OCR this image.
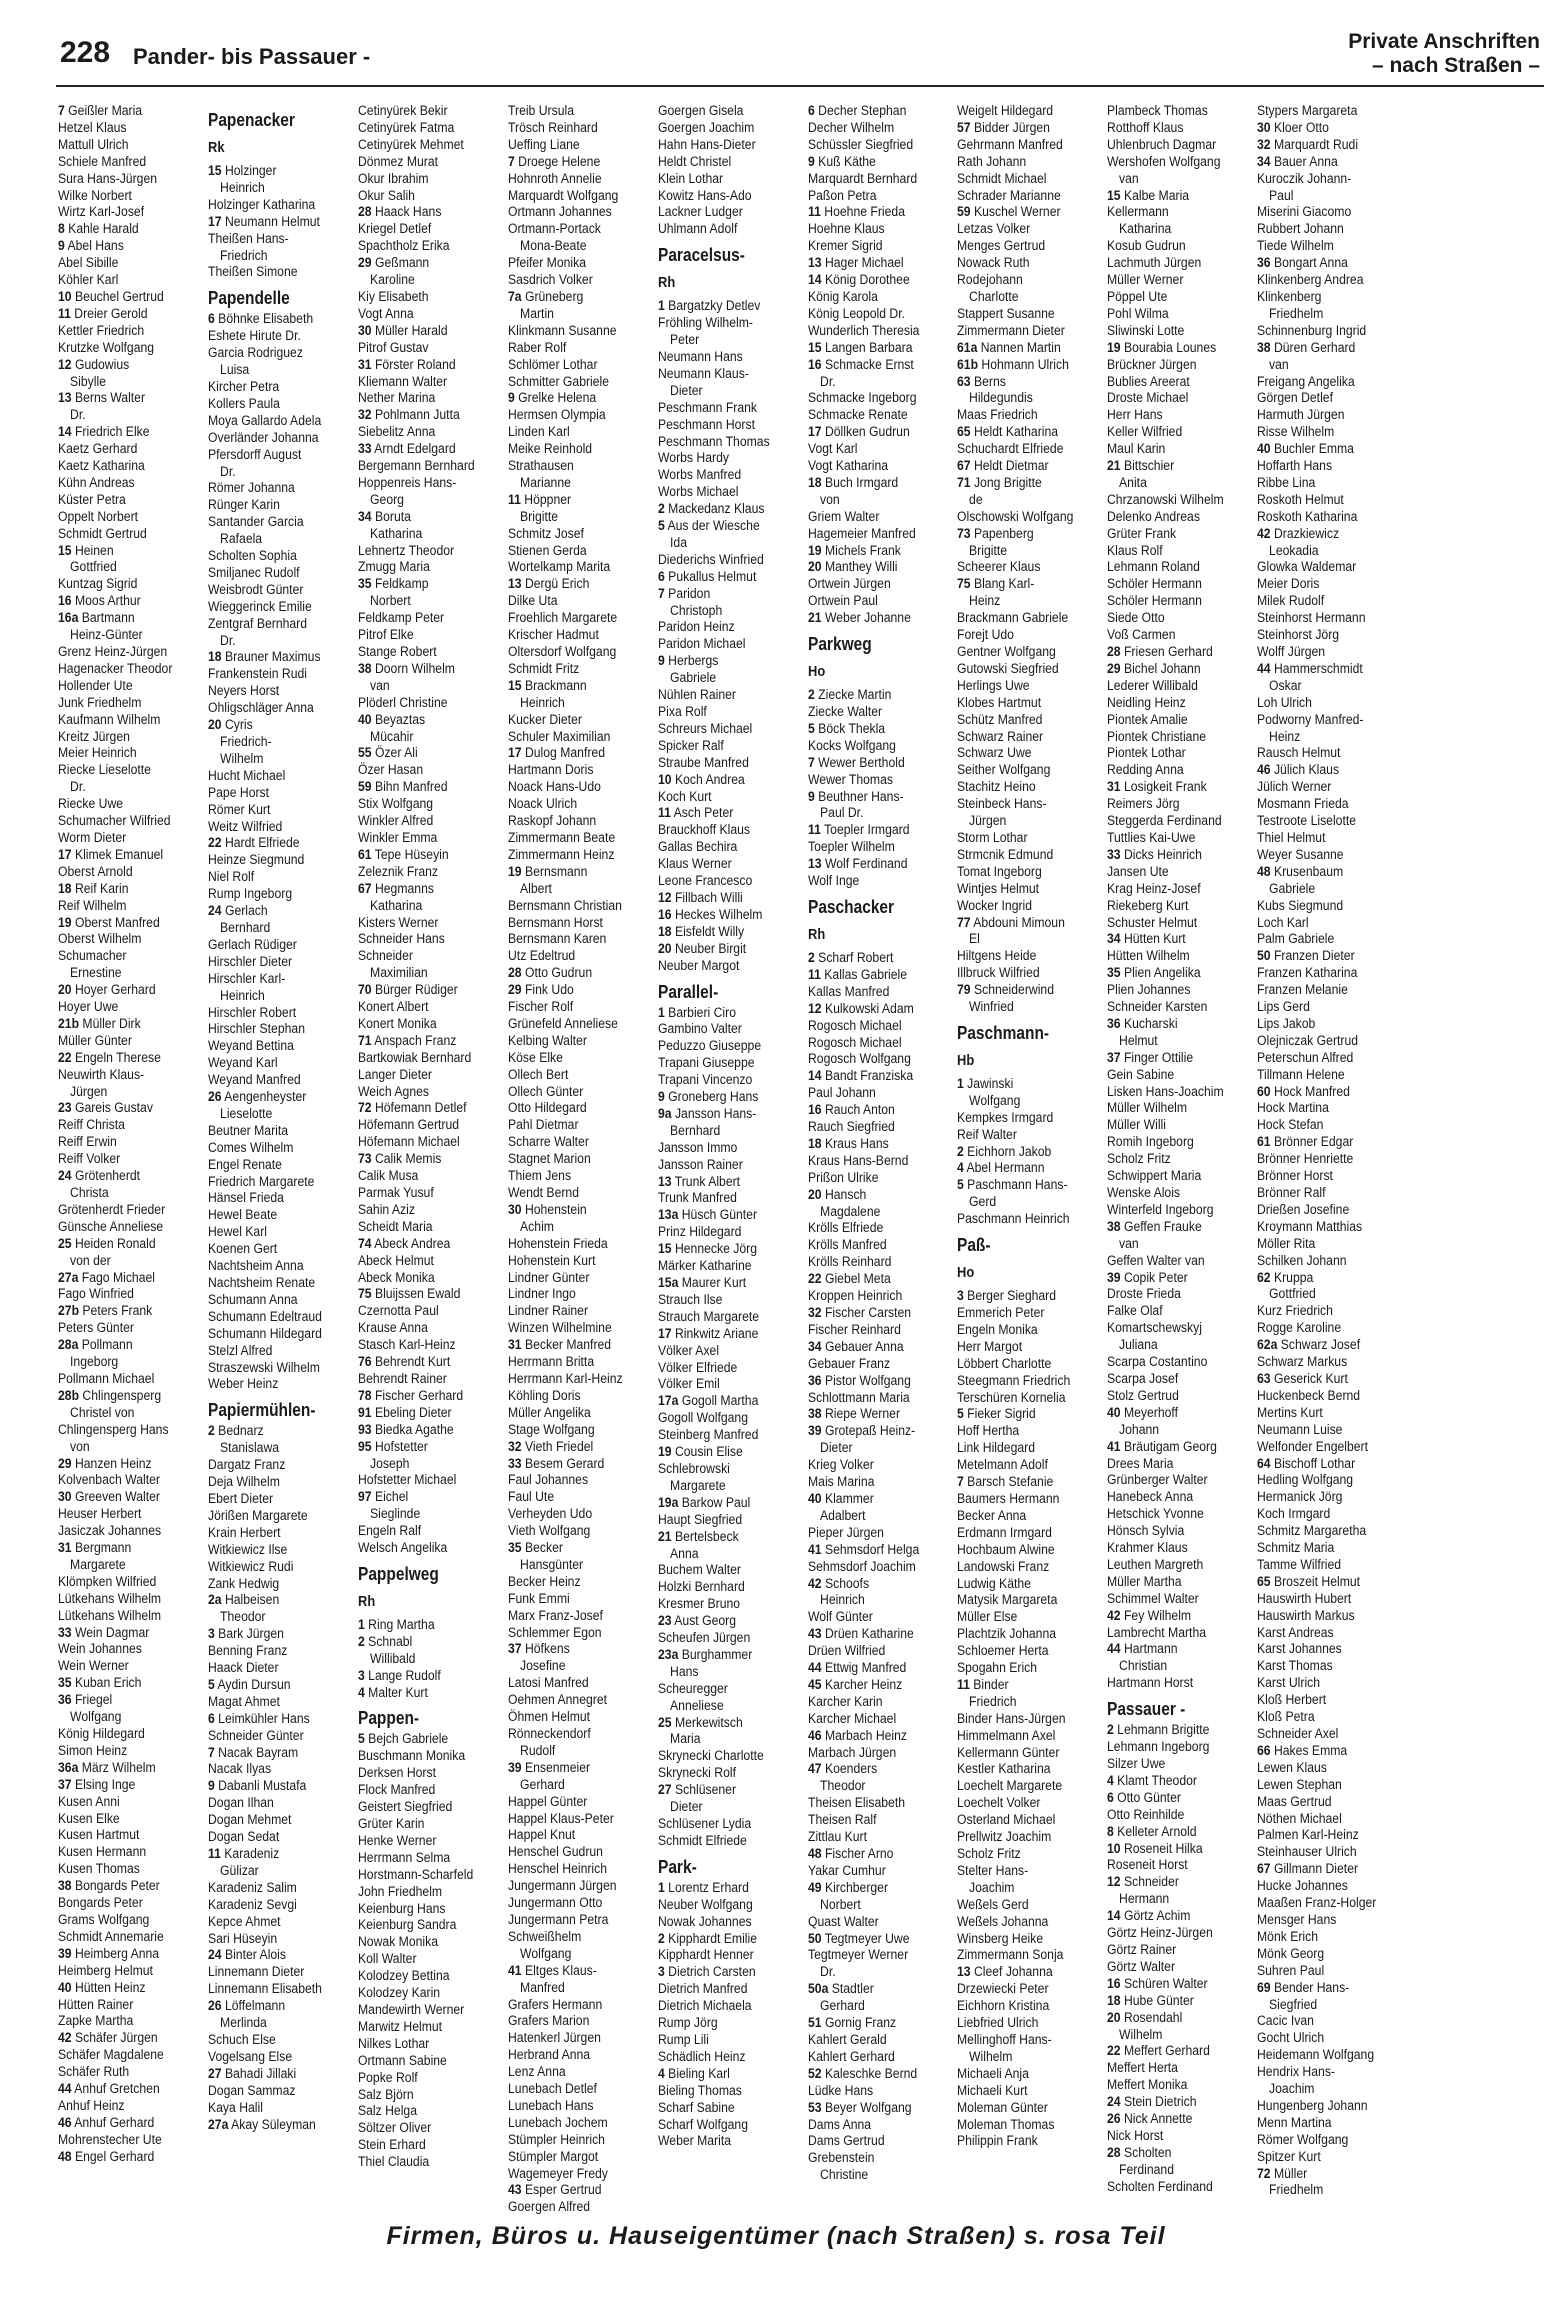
228 Pander- bis Passauer -
Private Anschriften
– nach Straßen –
7 Geißler Maria
Hetzel Klaus
Mattull Ulrich
Schiele Manfred
Sura Hans-Jürgen
Wilke Norbert
Wirtz Karl-Josef
8 Kahle Harald
9 Abel Hans
Abel Sibille
Köhler Karl
10 Beuchel Gertrud
11 Dreier Gerold
Kettler Friedrich
Krutzke Wolfgang
12 Gudowius
Sibylle
13 Berns Walter
Dr.
14 Friedrich Elke
Kaetz Gerhard
Kaetz Katharina
Kühn Andreas
Küster Petra
Oppelt Norbert
Schmidt Gertrud
15 Heinen
Gottfried
Kuntzag Sigrid
16 Moos Arthur
16a Bartmann
Heinz-Günter
Grenz Heinz-Jürgen
Hagenacker Theodor
Hollender Ute
Junk Friedhelm
Kaufmann Wilhelm
Kreitz Jürgen
Meier Heinrich
Riecke Lieselotte
Dr.
Riecke Uwe
Schumacher Wilfried
Worm Dieter
17 Klimek Emanuel
Oberst Arnold
18 Reif Karin
Reif Wilhelm
19 Oberst Manfred
Oberst Wilhelm
Schumacher
Ernestine
20 Hoyer Gerhard
Hoyer Uwe
21b Müller Dirk
Müller Günter
22 Engeln Therese
Neuwirth Klaus-
Jürgen
23 Gareis Gustav
Reiff Christa
Reiff Erwin
Reiff Volker
24 Grötenherdt
Christa
Grötenherdt Frieder
Günsche Anneliese
25 Heiden Ronald
von der
27a Fago Michael
Fago Winfried
27b Peters Frank
Peters Günter
28a Pollmann
Ingeborg
Pollmann Michael
28b Chlingensperg
Christel von
Chlingensperg Hans
von
29 Hanzen Heinz
Kolvenbach Walter
30 Greeven Walter
Heuser Herbert
Jasiczak Johannes
31 Bergmann
Margarete
Klömpken Wilfried
Lütkehans Wilhelm
Lütkehans Wilhelm
33 Wein Dagmar
Wein Johannes
Wein Werner
35 Kuban Erich
36 Friegel
Wolfgang
König Hildegard
Simon Heinz
36a März Wilhelm
37 Elsing Inge
Kusen Anni
Kusen Elke
Kusen Hartmut
Kusen Hermann
Kusen Thomas
38 Bongards Peter
Bongards Peter
Grams Wolfgang
Schmidt Annemarie
39 Heimberg Anna
Heimberg Helmut
40 Hütten Heinz
Hütten Rainer
Zapke Martha
42 Schäfer Jürgen
Schäfer Magdalene
Schäfer Ruth
44 Anhuf Gretchen
Anhuf Heinz
46 Anhuf Gerhard
Mohrenstecher Ute
48 Engel Gerhard
Papenacker
Rk
15 Holzinger
Heinrich
Holzinger Katharina
17 Neumann Helmut
Theißen Hans-
Friedrich
Theißen Simone
Papendelle
6 Böhnke Elisabeth
Eshete Hirute Dr.
Garcia Rodriguez
Luisa
Kircher Petra
Kollers Paula
Moya Gallardo Adela
Overländer Johanna
Pfersdorff August
Dr.
Römer Johanna
Rünger Karin
Santander Garcia
Rafaela
Scholten Sophia
Smiljanec Rudolf
Weisbrodt Günter
Wieggerinck Emilie
Zentgraf Bernhard
Dr.
18 Brauner Maximus
Frankenstein Rudi
Neyers Horst
Ohligschläger Anna
20 Cyris
Friedrich-
Wilhelm
Hucht Michael
Pape Horst
Römer Kurt
Weitz Wilfried
22 Hardt Elfriede
Heinze Siegmund
Niel Rolf
Rump Ingeborg
24 Gerlach
Bernhard
Gerlach Rüdiger
Hirschler Dieter
Hirschler Karl-
Heinrich
Hirschler Robert
Hirschler Stephan
Weyand Bettina
Weyand Karl
Weyand Manfred
26 Aengenheyster
Lieselotte
Beutner Marita
Comes Wilhelm
Engel Renate
Friedrich Margarete
Hänsel Frieda
Hewel Beate
Hewel Karl
Koenen Gert
Nachtsheim Anna
Nachtsheim Renate
Schumann Anna
Schumann Edeltraud
Schumann Hildegard
Stelzl Alfred
Straszewski Wilhelm
Weber Heinz
Papiermühlen-
2 Bednarz
Stanislawa
Dargatz Franz
Deja Wilhelm
Ebert Dieter
Jörißen Margarete
Krain Herbert
Witkiewicz Ilse
Witkiewicz Rudi
Zank Hedwig
2a Halbeisen
Theodor
3 Bark Jürgen
Benning Franz
Haack Dieter
5 Aydin Dursun
Magat Ahmet
6 Leimkühler Hans
Schneider Günter
7 Nacak Bayram
Nacak Ilyas
9 Dabanli Mustafa
Dogan Ilhan
Dogan Mehmet
Dogan Sedat
11 Karadeniz
Gülizar
Karadeniz Salim
Karadeniz Sevgi
Kepce Ahmet
Sari Hüseyin
24 Binter Alois
Linnemann Dieter
Linnemann Elisabeth
26 Löffelmann
Merlinda
Schuch Else
Vogelsang Else
27 Bahadi Jillaki
Dogan Sammaz
Kaya Halil
27a Akay Süleyman
Cetinyürek Bekir
Cetinyürek Fatma
Cetinyürek Mehmet
Dönmez Murat
Okur Ibrahim
Okur Salih
28 Haack Hans
Kriegel Detlef
Spachtholz Erika
29 Geßmann
Karoline
Kiy Elisabeth
Vogt Anna
30 Müller Harald
Pitrof Gustav
31 Förster Roland
Kliemann Walter
Nether Marina
32 Pohlmann Jutta
Siebelitz Anna
33 Arndt Edelgard
Bergemann Bernhard
Hoppenreis Hans-
Georg
34 Boruta
Katharina
Lehnertz Theodor
Zmugg Maria
35 Feldkamp
Norbert
Feldkamp Peter
Pitrof Elke
Stange Robert
38 Doorn Wilhelm
van
Plöderl Christine
40 Beyaztas
Mücahir
55 Özer Ali
Özer Hasan
59 Bihn Manfred
Stix Wolfgang
Winkler Alfred
Winkler Emma
61 Tepe Hüseyin
Zeleznik Franz
67 Hegmanns
Katharina
Kisters Werner
Schneider Hans
Schneider
Maximilian
70 Bürger Rüdiger
Konert Albert
Konert Monika
71 Anspach Franz
Bartkowiak Bernhard
Langer Dieter
Weich Agnes
72 Höfemann Detlef
Höfemann Gertrud
Höfemann Michael
73 Calik Memis
Calik Musa
Parmak Yusuf
Sahin Aziz
Scheidt Maria
74 Abeck Andrea
Abeck Helmut
Abeck Monika
75 Bluijssen Ewald
Czernotta Paul
Krause Anna
Stasch Karl-Heinz
76 Behrendt Kurt
Behrendt Rainer
78 Fischer Gerhard
91 Ebeling Dieter
93 Biedka Agathe
95 Hofstetter
Joseph
Hofstetter Michael
97 Eichel
Sieglinde
Engeln Ralf
Welsch Angelika
Pappelweg
Rh
1 Ring Martha
2 Schnabl
Willibald
3 Lange Rudolf
4 Malter Kurt
Pappen-
5 Bejch Gabriele
Buschmann Monika
Derksen Horst
Flock Manfred
Geistert Siegfried
Grüter Karin
Henke Werner
Herrmann Selma
Horstmann-Scharfeld
John Friedhelm
Keienburg Hans
Keienburg Sandra
Nowak Monika
Koll Walter
Kolodzey Bettina
Kolodzey Karin
Mandewirth Werner
Marwitz Helmut
Nilkes Lothar
Ortmann Sabine
Popke Rolf
Salz Björn
Salz Helga
Söltzer Oliver
Stein Erhard
Thiel Claudia
Treib Ursula
Trösch Reinhard
Ueffing Liane
7 Droege Helene
Hohnroth Annelie
Marquardt Wolfgang
Ortmann Johannes
Ortmann-Portack
Mona-Beate
Pfeifer Monika
Sasdrich Volker
7a Grüneberg
Martin
Klinkmann Susanne
Raber Rolf
Schlömer Lothar
Schmitter Gabriele
9 Grelke Helena
Hermsen Olympia
Linden Karl
Meike Reinhold
Strathausen
Marianne
11 Höppner
Brigitte
Schmitz Josef
Stienen Gerda
Wortelkamp Marita
13 Dergü Erich
Dilke Uta
Froehlich Margarete
Krischer Hadmut
Oltersdorf Wolfgang
Schmidt Fritz
15 Brackmann
Heinrich
Kucker Dieter
Schuler Maximilian
17 Dulog Manfred
Hartmann Doris
Noack Hans-Udo
Noack Ulrich
Raskopf Johann
Zimmermann Beate
Zimmermann Heinz
19 Bernsmann
Albert
Bernsmann Christian
Bernsmann Horst
Bernsmann Karen
Utz Edeltrud
28 Otto Gudrun
29 Fink Udo
Fischer Rolf
Grünefeld Anneliese
Kelbing Walter
Köse Elke
Ollech Bert
Ollech Günter
Otto Hildegard
Pahl Dietmar
Scharre Walter
Stagnet Marion
Thiem Jens
Wendt Bernd
30 Hohenstein
Achim
Hohenstein Frieda
Hohenstein Kurt
Lindner Günter
Lindner Ingo
Lindner Rainer
Winzen Wilhelmine
31 Becker Manfred
Herrmann Britta
Herrmann Karl-Heinz
Köhling Doris
Müller Angelika
Stage Wolfgang
32 Vieth Friedel
33 Besem Gerard
Faul Johannes
Faul Ute
Verheyden Udo
Vieth Wolfgang
35 Becker
Hansgünter
Becker Heinz
Funk Emmi
Marx Franz-Josef
Schlemmer Egon
37 Höfkens
Josefine
Latosi Manfred
Oehmen Annegret
Öhmen Helmut
Rönneckendorf
Rudolf
39 Ensenmeier
Gerhard
Happel Günter
Happel Klaus-Peter
Happel Knut
Henschel Gudrun
Henschel Heinrich
Jungermann Jürgen
Jungermann Otto
Jungermann Petra
Schweißhelm
Wolfgang
41 Eltges Klaus-
Manfred
Grafers Hermann
Grafers Marion
Hatenkerl Jürgen
Herbrand Anna
Lenz Anna
Lunebach Detlef
Lunebach Hans
Lunebach Jochem
Stümpler Heinrich
Stümpler Margot
Wagemeyer Fredy
43 Esper Gertrud
Goergen Alfred
Goergen Gisela
Goergen Joachim
Hahn Hans-Dieter
Heldt Christel
Klein Lothar
Kowitz Hans-Ado
Lackner Ludger
Uhlmann Adolf
Paracelsus-
Rh
1 Bargatzky Detlev
Fröhling Wilhelm-
Peter
Neumann Hans
Neumann Klaus-
Dieter
Peschmann Frank
Peschmann Horst
Peschmann Thomas
Worbs Hardy
Worbs Manfred
Worbs Michael
2 Mackedanz Klaus
5 Aus der Wiesche
Ida
Diederichs Winfried
6 Pukallus Helmut
7 Paridon
Christoph
Paridon Heinz
Paridon Michael
9 Herbergs
Gabriele
Nühlen Rainer
Pixa Rolf
Schreurs Michael
Spicker Ralf
Straube Manfred
10 Koch Andrea
Koch Kurt
11 Asch Peter
Brauckhoff Klaus
Gallas Bechira
Klaus Werner
Leone Francesco
12 Fillbach Willi
16 Heckes Wilhelm
18 Eisfeldt Willy
20 Neuber Birgit
Neuber Margot
Parallel-
1 Barbieri Ciro
Gambino Valter
Peduzzo Giuseppe
Trapani Giuseppe
Trapani Vincenzo
9 Groneberg Hans
9a Jansson Hans-
Bernhard
Jansson Immo
Jansson Rainer
13 Trunk Albert
Trunk Manfred
13a Hüsch Günter
Prinz Hildegard
15 Hennecke Jörg
Märker Katharine
15a Maurer Kurt
Strauch Ilse
Strauch Margarete
17 Rinkwitz Ariane
Völker Axel
Völker Elfriede
Völker Emil
17a Gogoll Martha
Gogoll Wolfgang
Steinberg Manfred
19 Cousin Elise
Schlebrowski
Margarete
19a Barkow Paul
Haupt Siegfried
21 Bertelsbeck
Anna
Buchem Walter
Holzki Bernhard
Kresmer Bruno
23 Aust Georg
Scheufen Jürgen
23a Burghammer
Hans
Scheuregger
Anneliese
25 Merkewitsch
Maria
Skrynecki Charlotte
Skrynecki Rolf
27 Schlüsener
Dieter
Schlüsener Lydia
Schmidt Elfriede
Park-
1 Lorentz Erhard
Neuber Wolfgang
Nowak Johannes
2 Kipphardt Emilie
Kipphardt Henner
3 Dietrich Carsten
Dietrich Manfred
Dietrich Michaela
Rump Jörg
Rump Lili
Schädlich Heinz
4 Bieling Karl
Bieling Thomas
Scharf Sabine
Scharf Wolfgang
Weber Marita
6 Decher Stephan
Decher Wilhelm
Schüssler Siegfried
9 Kuß Käthe
Marquardt Bernhard
Paßon Petra
11 Hoehne Frieda
Hoehne Klaus
Kremer Sigrid
13 Hager Michael
14 König Dorothee
König Karola
König Leopold Dr.
Wunderlich Theresia
15 Langen Barbara
16 Schmacke Ernst
Dr.
Schmacke Ingeborg
Schmacke Renate
17 Döllken Gudrun
Vogt Karl
Vogt Katharina
18 Buch Irmgard
von
Griem Walter
Hagemeier Manfred
19 Michels Frank
20 Manthey Willi
Ortwein Jürgen
Ortwein Paul
21 Weber Johanne
Parkweg
Ho
2 Ziecke Martin
Ziecke Walter
5 Böck Thekla
Kocks Wolfgang
7 Wewer Berthold
Wewer Thomas
9 Beuthner Hans-
Paul Dr.
11 Toepler Irmgard
Toepler Wilhelm
13 Wolf Ferdinand
Wolf Inge
Paschacker
Rh
2 Scharf Robert
11 Kallas Gabriele
Kallas Manfred
12 Kulkowski Adam
Rogosch Michael
Rogosch Michael
Rogosch Wolfgang
14 Bandt Franziska
Paul Johann
16 Rauch Anton
Rauch Siegfried
18 Kraus Hans
Kraus Hans-Bernd
Prißon Ulrike
20 Hansch
Magdalene
Krölls Elfriede
Krölls Manfred
Krölls Reinhard
22 Giebel Meta
Kroppen Heinrich
32 Fischer Carsten
Fischer Reinhard
34 Gebauer Anna
Gebauer Franz
36 Pistor Wolfgang
Schlottmann Maria
38 Riepe Werner
39 Grotepaß Heinz-
Dieter
Krieg Volker
Mais Marina
40 Klammer
Adalbert
Pieper Jürgen
41 Sehmsdorf Helga
Sehmsdorf Joachim
42 Schoofs
Heinrich
Wolf Günter
43 Drüen Katharine
Drüen Wilfried
44 Ettwig Manfred
45 Karcher Heinz
Karcher Karin
Karcher Michael
46 Marbach Heinz
Marbach Jürgen
47 Koenders
Theodor
Theisen Elisabeth
Theisen Ralf
Zittlau Kurt
48 Fischer Arno
Yakar Cumhur
49 Kirchberger
Norbert
Quast Walter
50 Tegtmeyer Uwe
Tegtmeyer Werner
Dr.
50a Stadtler
Gerhard
51 Gornig Franz
Kahlert Gerald
Kahlert Gerhard
52 Kaleschke Bernd
Lüdke Hans
53 Beyer Wolfgang
Dams Anna
Dams Gertrud
Grebenstein
Christine
Weigelt Hildegard
57 Bidder Jürgen
Gehrmann Manfred
Rath Johann
Schmidt Michael
Schrader Marianne
59 Kuschel Werner
Letzas Volker
Menges Gertrud
Nowack Ruth
Rodejohann
Charlotte
Stappert Susanne
Zimmermann Dieter
61a Nannen Martin
61b Hohmann Ulrich
63 Berns
Hildegundis
Maas Friedrich
65 Heldt Katharina
Schuchardt Elfriede
67 Heldt Dietmar
71 Jong Brigitte
de
Olschowski Wolfgang
73 Papenberg
Brigitte
Scheerer Klaus
75 Blang Karl-
Heinz
Brackmann Gabriele
Forejt Udo
Gentner Wolfgang
Gutowski Siegfried
Herlings Uwe
Klobes Hartmut
Schütz Manfred
Schwarz Rainer
Schwarz Uwe
Seither Wolfgang
Stachitz Heino
Steinbeck Hans-
Jürgen
Storm Lothar
Strmcnik Edmund
Tomat Ingeborg
Wintjes Helmut
Wocker Ingrid
77 Abdouni Mimoun
El
Hiltgens Heide
Illbruck Wilfried
79 Schneiderwind
Winfried
Paschmann-
Hb
1 Jawinski
Wolfgang
Kempkes Irmgard
Reif Walter
2 Eichhorn Jakob
4 Abel Hermann
5 Paschmann Hans-
Gerd
Paschmann Heinrich
Paß-
Ho
3 Berger Sieghard
Emmerich Peter
Engeln Monika
Herr Margot
Löbbert Charlotte
Steegmann Friedrich
Terschüren Kornelia
5 Fieker Sigrid
Hoff Hertha
Link Hildegard
Metelmann Adolf
7 Barsch Stefanie
Baumers Hermann
Becker Anna
Erdmann Irmgard
Hochbaum Alwine
Landowski Franz
Ludwig Käthe
Matysik Margareta
Müller Else
Plachtzik Johanna
Schloemer Herta
Spogahn Erich
11 Binder
Friedrich
Binder Hans-Jürgen
Himmelmann Axel
Kellermann Günter
Kestler Katharina
Loechelt Margarete
Loechelt Volker
Osterland Michael
Prellwitz Joachim
Scholz Fritz
Stelter Hans-
Joachim
Weßels Gerd
Weßels Johanna
Winsberg Heike
Zimmermann Sonja
13 Cleef Johanna
Drzewiecki Peter
Eichhorn Kristina
Liebfried Ulrich
Mellinghoff Hans-
Wilhelm
Michaeli Anja
Michaeli Kurt
Moleman Günter
Moleman Thomas
Philippin Frank
Plambeck Thomas
Rotthoff Klaus
Uhlenbruch Dagmar
Wershofen Wolfgang
van
15 Kalbe Maria
Kellermann
Katharina
Kosub Gudrun
Lachmuth Jürgen
Müller Werner
Pöppel Ute
Pohl Wilma
Sliwinski Lotte
19 Bourabia Lounes
Brückner Jürgen
Bublies Areerat
Droste Michael
Herr Hans
Keller Wilfried
Maul Karin
21 Bittschier
Anita
Chrzanowski Wilhelm
Delenko Andreas
Grüter Frank
Klaus Rolf
Lehmann Roland
Schöler Hermann
Schöler Hermann
Siede Otto
Voß Carmen
28 Friesen Gerhard
29 Bichel Johann
Lederer Willibald
Neidling Heinz
Piontek Amalie
Piontek Christiane
Piontek Lothar
Redding Anna
31 Losigkeit Frank
Reimers Jörg
Steggerda Ferdinand
Tuttlies Kai-Uwe
33 Dicks Heinrich
Jansen Ute
Krag Heinz-Josef
Riekeberg Kurt
Schuster Helmut
34 Hütten Kurt
Hütten Wilhelm
35 Plien Angelika
Plien Johannes
Schneider Karsten
36 Kucharski
Helmut
37 Finger Ottilie
Gein Sabine
Lisken Hans-Joachim
Müller Wilhelm
Müller Willi
Romih Ingeborg
Scholz Fritz
Schwippert Maria
Wenske Alois
Winterfeld Ingeborg
38 Geffen Frauke
van
Geffen Walter van
39 Copik Peter
Droste Frieda
Falke Olaf
Komartschewskyj
Juliana
Scarpa Costantino
Scarpa Josef
Stolz Gertrud
40 Meyerhoff
Johann
41 Bräutigam Georg
Drees Maria
Grünberger Walter
Hanebeck Anna
Hetschick Yvonne
Hönsch Sylvia
Krahmer Klaus
Leuthen Margreth
Müller Martha
Schimmel Walter
42 Fey Wilhelm
Lambrecht Martha
44 Hartmann
Christian
Hartmann Horst
Passauer -
2 Lehmann Brigitte
Lehmann Ingeborg
Silzer Uwe
4 Klamt Theodor
6 Otto Günter
Otto Reinhilde
8 Kelleter Arnold
10 Roseneit Hilka
Roseneit Horst
12 Schneider
Hermann
14 Görtz Achim
Görtz Heinz-Jürgen
Görtz Rainer
Görtz Walter
16 Schüren Walter
18 Hube Günter
20 Rosendahl
Wilhelm
22 Meffert Gerhard
Meffert Herta
Meffert Monika
24 Stein Dietrich
26 Nick Annette
Nick Horst
28 Scholten
Ferdinand
Scholten Ferdinand
Stypers Margareta
30 Kloer Otto
32 Marquardt Rudi
34 Bauer Anna
Kuroczik Johann-
Paul
Miserini Giacomo
Rubbert Johann
Tiede Wilhelm
36 Bongart Anna
Klinkenberg Andrea
Klinkenberg
Friedhelm
Schinnenburg Ingrid
38 Düren Gerhard
van
Freigang Angelika
Görgen Detlef
Harmuth Jürgen
Risse Wilhelm
40 Buchler Emma
Hoffarth Hans
Ribbe Lina
Roskoth Helmut
Roskoth Katharina
42 Drazkiewicz
Leokadia
Glowka Waldemar
Meier Doris
Milek Rudolf
Steinhorst Hermann
Steinhorst Jörg
Wolff Jürgen
44 Hammerschmidt
Oskar
Loh Ulrich
Podworny Manfred-
Heinz
Rausch Helmut
46 Jülich Klaus
Jülich Werner
Mosmann Frieda
Testroote Liselotte
Thiel Helmut
Weyer Susanne
48 Krusenbaum
Gabriele
Kubs Siegmund
Loch Karl
Palm Gabriele
50 Franzen Dieter
Franzen Katharina
Franzen Melanie
Lips Gerd
Lips Jakob
Olejniczak Gertrud
Peterschun Alfred
Tillmann Helene
60 Hock Manfred
Hock Martina
Hock Stefan
61 Brönner Edgar
Brönner Henriette
Brönner Horst
Brönner Ralf
Drießen Josefine
Kroymann Matthias
Möller Rita
Schilken Johann
62 Kruppa
Gottfried
Kurz Friedrich
Rogge Karoline
62a Schwarz Josef
Schwarz Markus
63 Geserick Kurt
Huckenbeck Bernd
Mertins Kurt
Neumann Luise
Welfonder Engelbert
64 Bischoff Lothar
Hedling Wolfgang
Hermanick Jörg
Koch Irmgard
Schmitz Margaretha
Schmitz Maria
Tamme Wilfried
65 Broszeit Helmut
Hauswirth Hubert
Hauswirth Markus
Karst Andreas
Karst Johannes
Karst Thomas
Karst Ulrich
Kloß Herbert
Kloß Petra
Schneider Axel
66 Hakes Emma
Lewen Klaus
Lewen Stephan
Maas Gertrud
Nöthen Michael
Palmen Karl-Heinz
Steinhauser Ulrich
67 Gillmann Dieter
Hucke Johannes
Maaßen Franz-Holger
Mensger Hans
Mönk Erich
Mönk Georg
Suhren Paul
69 Bender Hans-
Siegfried
Cacic Ivan
Gocht Ulrich
Heidemann Wolfgang
Hendrix Hans-
Joachim
Hungenberg Johann
Menn Martina
Römer Wolfgang
Spitzer Kurt
72 Müller
Friedhelm
Firmen, Büros u. Hauseigentümer (nach Straßen) s. rosa Teil
